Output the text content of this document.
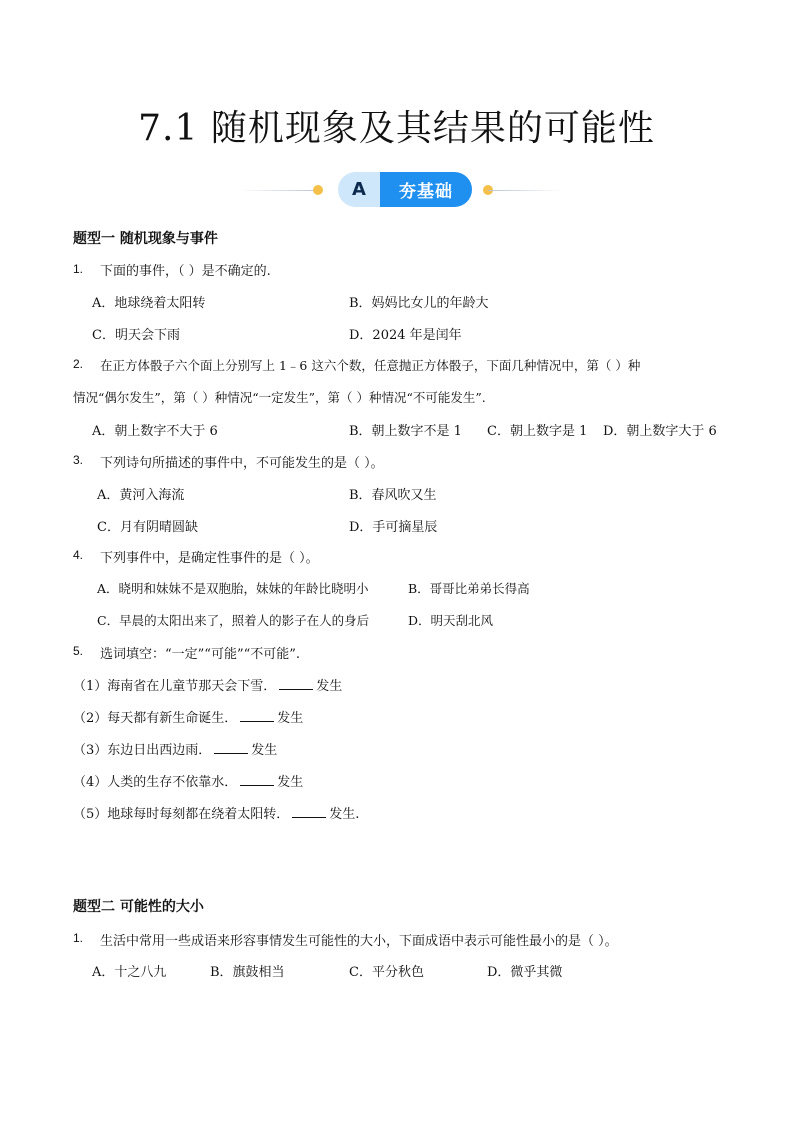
7.1 随机现象及其结果的可能性
A	夯基础
题型一 随机现象与事件
1. 下面的事件，（ ）是不确定的.
A．地球绕着太阳转	B．妈妈比女儿的年龄大
C．明天会下雨	D．2024 年是闰年
2. 在正方体骰子六个面上分别写上 1﹣6 这六个数，任意抛正方体骰子，下面几种情况中，第（ ）种
情况“偶尔发生”，第（ ）种情况“一定发生”，第（ ）种情况“不可能发生”.
A．朝上数字不大于 6	B．朝上数字不是 1 C．朝上数字是 1 D．朝上数字大于 6
3. 下列诗句所描述的事件中，不可能发生的是（ ）。
A．黄河入海流	B．春风吹又生
C．月有阴晴圆缺	D．手可摘星辰
4. 下列事件中，是确定性事件的是（ ）。
A．晓明和妹妹不是双胞胎，妹妹的年龄比晓明小	B．哥哥比弟弟长得高
C．早晨的太阳出来了，照着人的影子在人的身后	D．明天刮北风
5. 选词填空：“一定”“可能”“不可能”.
（1）海南省在儿童节那天会下雪．	发生
（2）每天都有新生命诞生．	发生
（3）东边日出西边雨．	发生
（4）人类的生存不依靠水．	发生
（5）地球每时每刻都在绕着太阳转．	发生.
题型二 可能性的大小
1. 生活中常用一些成语来形容事情发生可能性的大小，下面成语中表示可能性最小的是（ ）。
A．十之八九	B．旗鼓相当	C．平分秋色	D．微乎其微
